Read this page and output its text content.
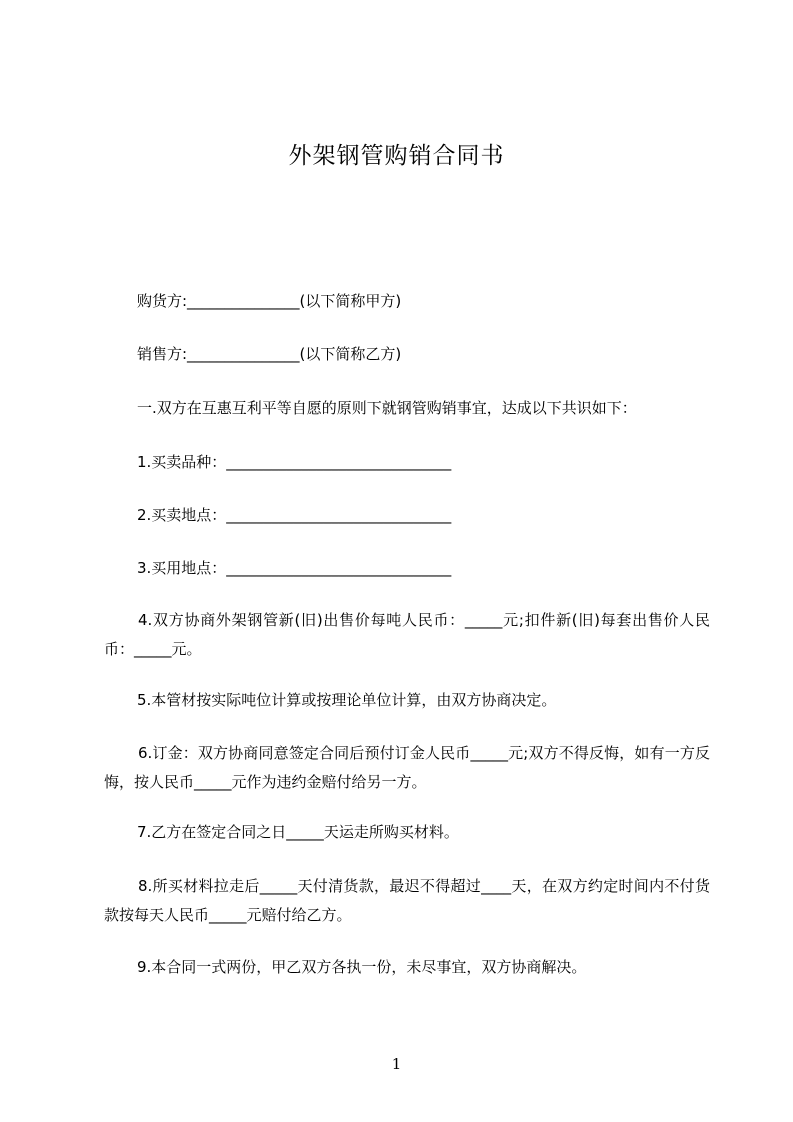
外架钢管购销合同书
购货方:_______________(以下简称甲方)
销售方:_______________(以下简称乙方)
一.双方在互惠互利平等自愿的原则下就钢管购销事宜，达成以下共识如下：
1.买卖品种：______________________________
2.买卖地点：______________________________
3.买用地点：______________________________
4.双方协商外架钢管新(旧)出售价每吨人民币：_____元;扣件新(旧)每套出售价人民币：_____元。
5.本管材按实际吨位计算或按理论单位计算，由双方协商决定。
6.订金：双方协商同意签定合同后预付订金人民币_____元;双方不得反悔，如有一方反悔，按人民币_____元作为违约金赔付给另一方。
7.乙方在签定合同之日_____天运走所购买材料。
8.所买材料拉走后_____天付清货款，最迟不得超过____天，在双方约定时间内不付货款按每天人民币_____元赔付给乙方。
9.本合同一式两份，甲乙双方各执一份，未尽事宜，双方协商解决。
1
